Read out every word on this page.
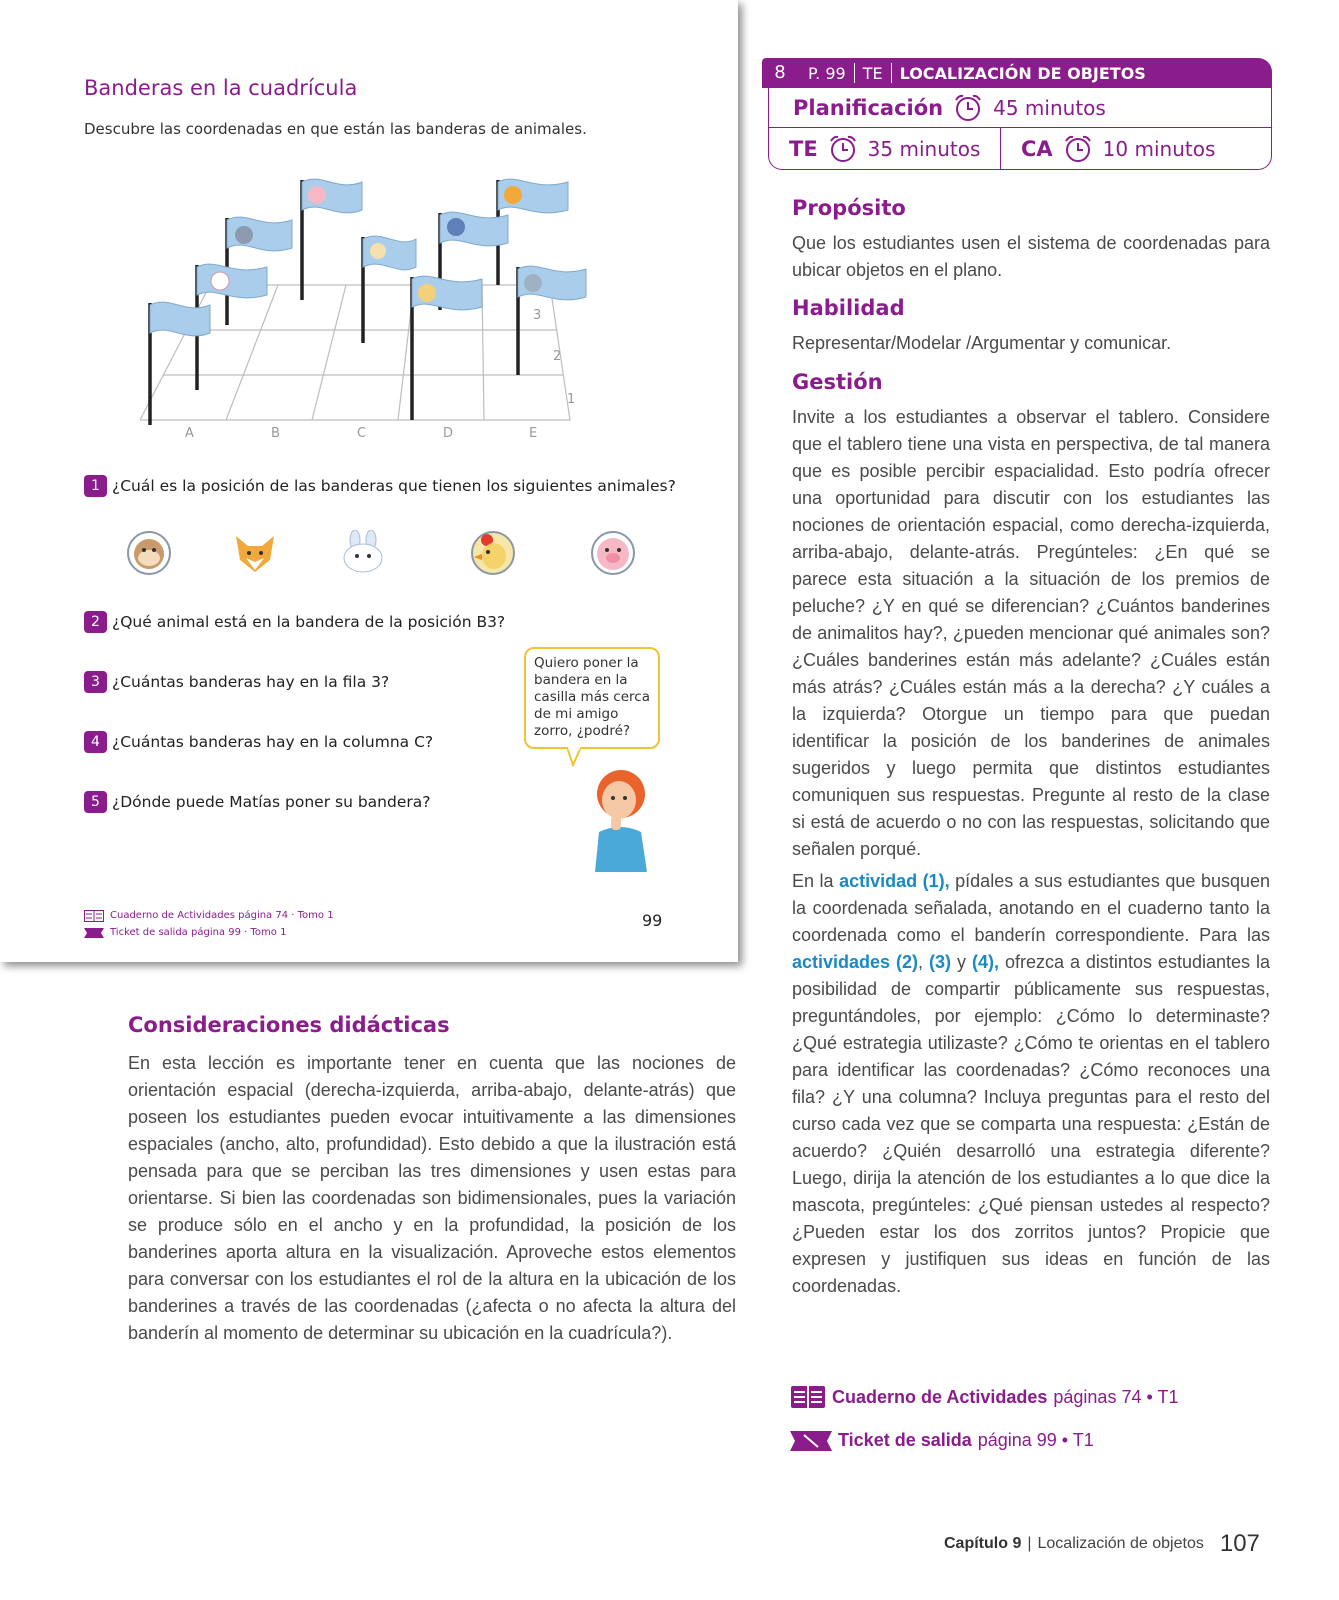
Banderas en la cuadrícula
Descubre las coordenadas en que están las banderas de animales.
A	B	C	D	E
1
2
3
1 ¿Cuál es la posición de las banderas que tienen los siguientes animales?
2 ¿Qué animal está en la bandera de la posición B3?
3 ¿Cuántas banderas hay en la fila 3?
4 ¿Cuántas banderas hay en la columna C?
5 ¿Dónde puede Matías poner su bandera?
Quiero poner la bandera en la casilla más cerca de mi amigo zorro, ¿podré?
Cuaderno de Actividades página 74 · Tomo 1
Ticket de salida página 99 · Tomo 1
99
Consideraciones didácticas
En esta lección es importante tener en cuenta que las nociones de orientación espacial (derecha-izquierda, arriba-abajo, delante-atrás) que poseen los estudiantes pueden evocar intuitivamente a las dimensiones espaciales (ancho, alto, profundidad). Esto debido a que la ilustración está pensada para que se perciban las tres dimensiones y usen estas para orientarse. Si bien las coordenadas son bidimensionales, pues la variación se produce sólo en el ancho y en la profundidad, la posición de los banderines aporta altura en la visualización. Aproveche estos elementos para conversar con los estudiantes el rol de la altura en la ubicación de los banderines a través de las coordenadas (¿afecta o no afecta la altura del banderín al momento de determinar su ubicación en la cuadrícula?).
8	P. 99 TE LOCALIZACIÓN DE OBJETOS
Planificación	45 minutos
TE	35 minutos CA	10 minutos
Propósito
Que los estudiantes usen el sistema de coordenadas para ubicar objetos en el plano.
Habilidad
Representar/Modelar /Argumentar y comunicar.
Gestión
Invite a los estudiantes a observar el tablero. Considere que el tablero tiene una vista en perspectiva, de tal manera que es posible percibir espacialidad. Esto podría ofrecer una oportunidad para discutir con los estudiantes las nociones de orientación espacial, como derecha-izquierda, arriba-abajo, delante-atrás. Pregúnteles: ¿En qué se parece esta situación a la situación de los premios de peluche? ¿Y en qué se diferencian? ¿Cuántos banderines de animalitos hay?, ¿pueden mencionar qué animales son? ¿Cuáles banderines están más adelante? ¿Cuáles están más atrás? ¿Cuáles están más a la derecha? ¿Y cuáles a la izquierda? Otorgue un tiempo para que puedan identificar la posición de los banderines de animales sugeridos y luego permita que distintos estudiantes comuniquen sus respuestas. Pregunte al resto de la clase si está de acuerdo o no con las respuestas, solicitando que señalen porqué.
En la actividad (1), pídales a sus estudiantes que busquen la coordenada señalada, anotando en el cuaderno tanto la coordenada como el banderín correspondiente. Para las actividades (2), (3) y (4), ofrezca a distintos estudiantes la posibilidad de compartir públicamente sus respuestas, preguntándoles, por ejemplo: ¿Cómo lo determinaste? ¿Qué estrategia utilizaste? ¿Cómo te orientas en el tablero para identificar las coordenadas? ¿Cómo reconoces una fila? ¿Y una columna? Incluya preguntas para el resto del curso cada vez que se comparta una respuesta: ¿Están de acuerdo? ¿Quién desarrolló una estrategia diferente? Luego, dirija la atención de los estudiantes a lo que dice la mascota, pregúnteles: ¿Qué piensan ustedes al respecto? ¿Pueden estar los dos zorritos juntos? Propicie que expresen y justifiquen sus ideas en función de las coordenadas.
Cuaderno de Actividades páginas 74 • T1
Ticket de salida página 99 • T1
Capítulo 9 | Localización de objetos 107
